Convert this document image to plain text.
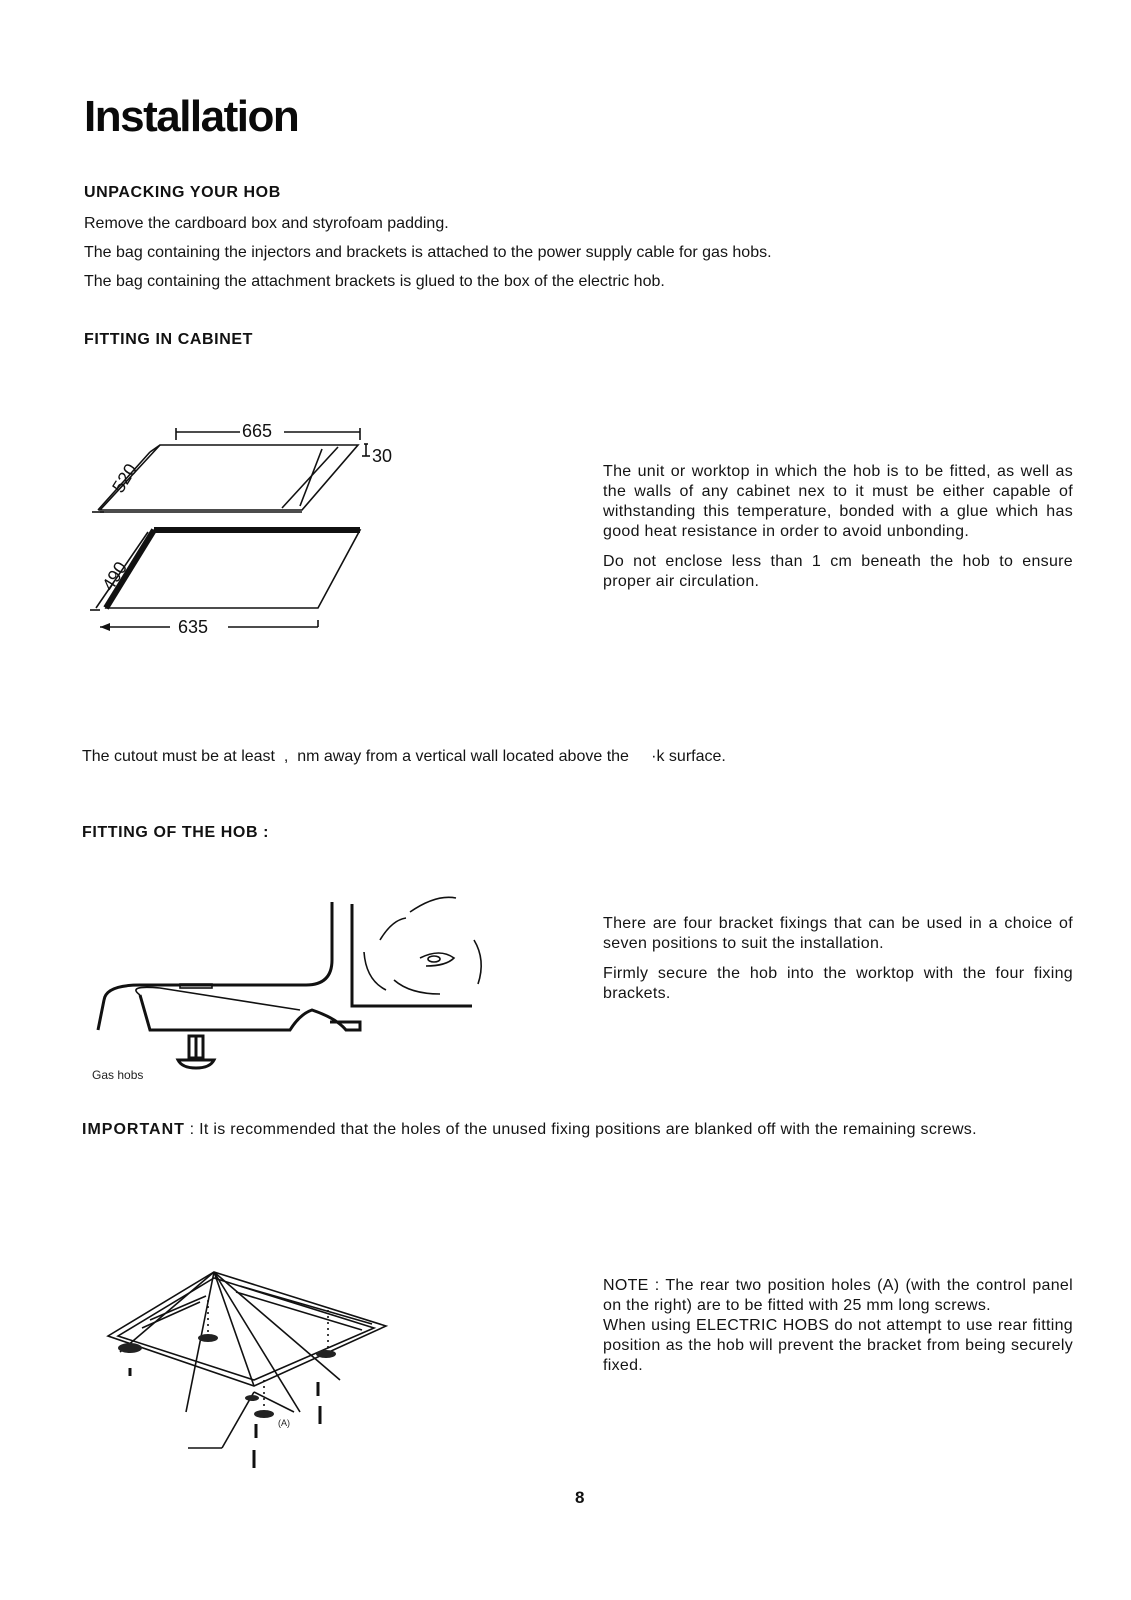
Installation
UNPACKING YOUR HOB
Remove the cardboard box and styrofoam padding.
The bag containing the injectors and brackets is attached to the power supply cable for gas hobs.
The bag containing the attachment brackets is glued to the box of the electric hob.
FITTING IN CABINET
665
520
30
490
635

The unit or worktop in which the hob is to be fitted, as well as the walls of any cabinet nex to it must be either capable of withstanding this temperature, bonded with a glue which has good heat resistance in order to avoid unbonding.

Do not enclose less than 1 cm beneath the hob to ensure proper air circulation.

The cutout must be at least  ,  nm away from a vertical wall located above the     ·k surface.
FITTING OF THE HOB :
Gas hobs

There are four bracket fixings that can be used in a choice of seven positions to suit the installation.

Firmly secure the hob into the worktop with the four fixing brackets.

IMPORTANT : It is recommended that the holes of the unused fixing positions are blanked off with the remaining screws.
(A)

NOTE : The rear two position holes (A) (with the control panel on the right) are to be fitted with 25 mm long screws.

When using ELECTRIC HOBS do not attempt to use rear fitting position as the hob will prevent the bracket from being securely fixed.

8
